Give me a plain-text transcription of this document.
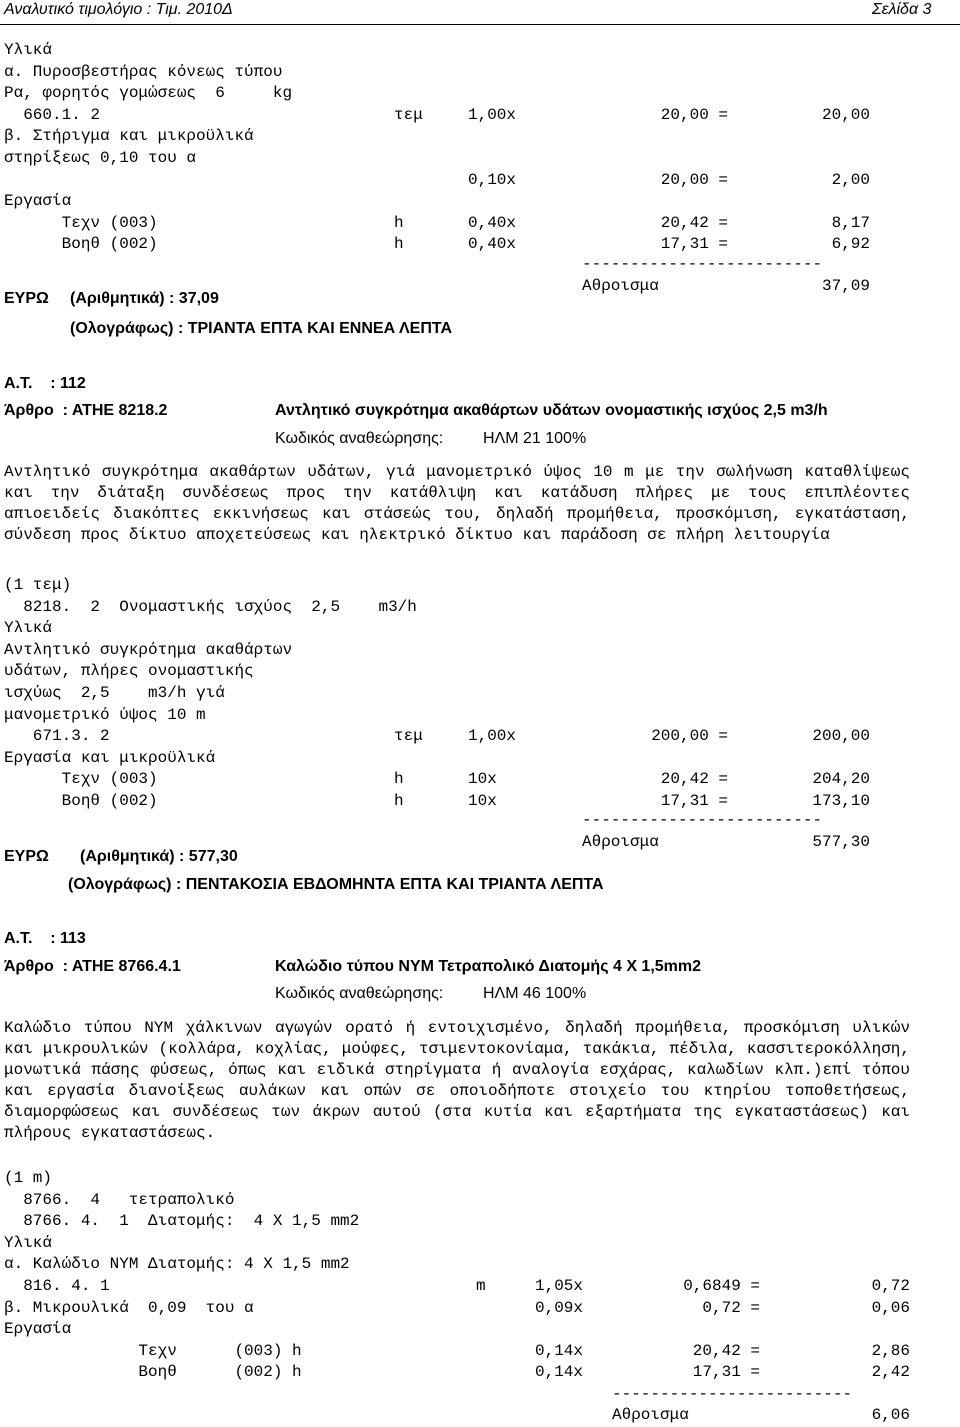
Αναλυτικό τιμολόγιο : Τιμ. 2010Δ	Σελίδα 3
Υλικά
α. Πυροσβεστήρας κόνεως τύπου
Ρα, φορητός γομώσεως  6     kg
660.1. 2	τεμ	1,00x	20,00 =	20,00
β. Στήριγμα και μικροϋλικά
στηρίξεως 0,10 του α
0,10x	20,00 =	2,00
Εργασία
Τεχν (003)	h	0,40x	20,42 =	8,17
Βοηθ (002)	h	0,40x	17,31 =	6,92
-------------------------
Αθροισμα	37,09
ΕΥΡΩ (Αριθμητικά) : 37,09
(Ολογράφως) : ΤΡΙΑΝΤΑ ΕΠΤΑ ΚΑΙ ΕΝΝΕΑ ΛΕΠΤΑ
Α.Τ.    : 112
Άρθρο  : ΑΤΗΕ 8218.2	Αντλητικό συγκρότημα ακαθάρτων υδάτων ονομαστικής ισχύος 2,5 m3/h
Κωδικός αναθεώρησης: ΗΛΜ 21 100%
Αντλητικό συγκρότημα ακαθάρτων υδάτων, γιά μανομετρικό ύψος 10 m με την σωλήνωση καταθλίψεως και την διάταξη συνδέσεως προς την κατάθλιψη και κατάδυση πλήρες με τους επιπλέοντες απιοειδείς διακόπτες εκκινήσεως και στάσεώς του, δηλαδή προμήθεια, προσκόμιση, εγκατάσταση, σύνδεση προς δίκτυο αποχετεύσεως και ηλεκτρικό δίκτυο και παράδοση σε πλήρη λειτουργία
(1 τεμ)
8218.  2  Ονομαστικής ισχύος  2,5    m3/h
Υλικά
Αντλητικό συγκρότημα ακαθάρτων
υδάτων, πλήρες ονομαστικής
ισχύως  2,5    m3/h γιά
μανομετρικό ύψος 10 m
671.3. 2	τεμ	1,00x	200,00 =	200,00
Εργασία και μικροϋλικά
Τεχν (003)	h	10x	20,42 =	204,20
Βοηθ (002)	h	10x	17,31 =	173,10
-------------------------
Αθροισμα	577,30
ΕΥΡΩ (Αριθμητικά) : 577,30
(Ολογράφως) : ΠΕΝΤΑΚΟΣΙΑ ΕΒΔΟΜΗΝΤΑ ΕΠΤΑ ΚΑΙ ΤΡΙΑΝΤΑ ΛΕΠΤΑ
Α.Τ.    : 113
Άρθρο  : ΑΤΗΕ 8766.4.1	Καλώδιο τύπου ΝΥΜ Τετραπολικό Διατομής 4 Χ 1,5mm2
Κωδικός αναθεώρησης: ΗΛΜ 46 100%
Καλώδιο τύπου ΝΥΜ χάλκινων αγωγών ορατό ή εντοιχισμένο, δηλαδή προμήθεια, προσκόμιση υλικών και μικρουλικών (κολλάρα, κοχλίας, μούφες, τσιμεντοκονίαμα, τακάκια, πέδιλα, κασσιτεροκόλληση, μονωτικά πάσης φύσεως, όπως και ειδικά στηρίγματα ή αναλογία εσχάρας, καλωδίων κλπ.)επί τόπου και εργασία διανοίξεως αυλάκων και οπών σε οποιοδήποτε στοιχείο του κτηρίου τοποθετήσεως, διαμορφώσεως και συνδέσεως των άκρων αυτού (στα κυτία και εξαρτήματα της εγκαταστάσεως) και πλήρους εγκαταστάσεως.
(1 m)
8766.  4   τετραπολικό
8766. 4.  1  Διατομής:  4 Χ 1,5 mm2
Υλικά
α. Καλώδιο ΝΥΜ Διατομής: 4 Χ 1,5 mm2
816. 4. 1	m	1,05x	0,6849 =	0,72
β. Μικρουλικά  0,09  του α	0,09x	0,72 =	0,06
Εργασία
Τεχν      (003) h	0,14x	20,42 =	2,86
Βοηθ      (002) h	0,14x	17,31 =	2,42
-------------------------
Αθροισμα	6,06
